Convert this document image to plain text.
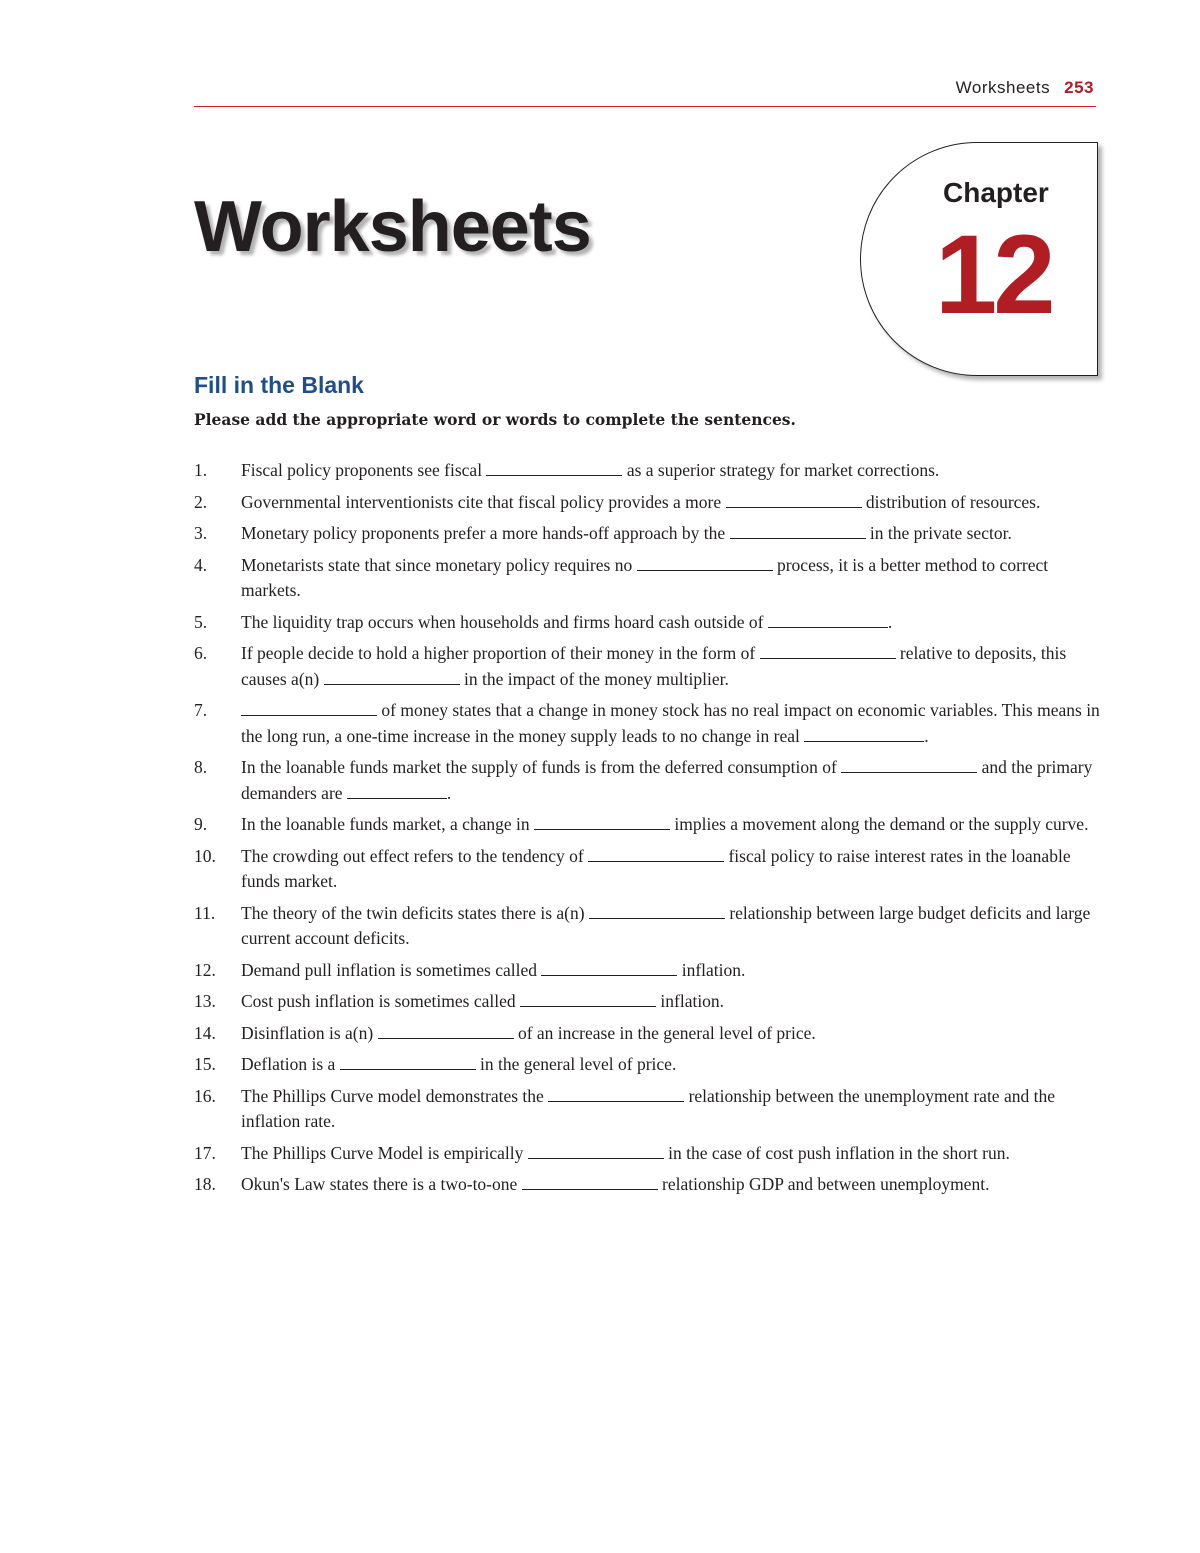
Worksheets 253
Worksheets	Chapter
12
Fill in the Blank

Please add the appropriate word or words to complete the sentences.

1.	Fiscal policy proponents see fiscal	as a superior strategy for market corrections.
2.	Governmental interventionists cite that fiscal policy provides a more	distribution of resources.
3.	Monetary policy proponents prefer a more hands-off approach by the	in the private sector.
4.	Monetarists state that since monetary policy requires no	process, it is a better method to correct markets.
5.	The liquidity trap occurs when households and firms hoard cash outside of	.
6.	If people decide to hold a higher proportion of their money in the form of	relative to deposits, this causes a(n)	in the impact of the money multiplier.
7.	of money states that a change in money stock has no real impact on economic variables. This means in the long run, a one-time increase in the money supply leads to no change in real	.
8.	In the loanable funds market the supply of funds is from the deferred consumption of	and the primary demanders are	.
9.	In the loanable funds market, a change in	implies a movement along the demand or the supply curve.
10.	The crowding out effect refers to the tendency of	fiscal policy to raise interest rates in the loanable funds market.
11.	The theory of the twin deficits states there is a(n)	relationship between large budget deficits and large current account deficits.
12.	Demand pull inflation is sometimes called	inflation.
13.	Cost push inflation is sometimes called	inflation.
14.	Disinflation is a(n)	of an increase in the general level of price.
15.	Deflation is a	in the general level of price.
16.	The Phillips Curve model demonstrates the	relationship between the unemployment rate and the inflation rate.
17.	The Phillips Curve Model is empirically	in the case of cost push inflation in the short run.
18.	Okun's Law states there is a two-to-one	relationship GDP and between unemployment.
